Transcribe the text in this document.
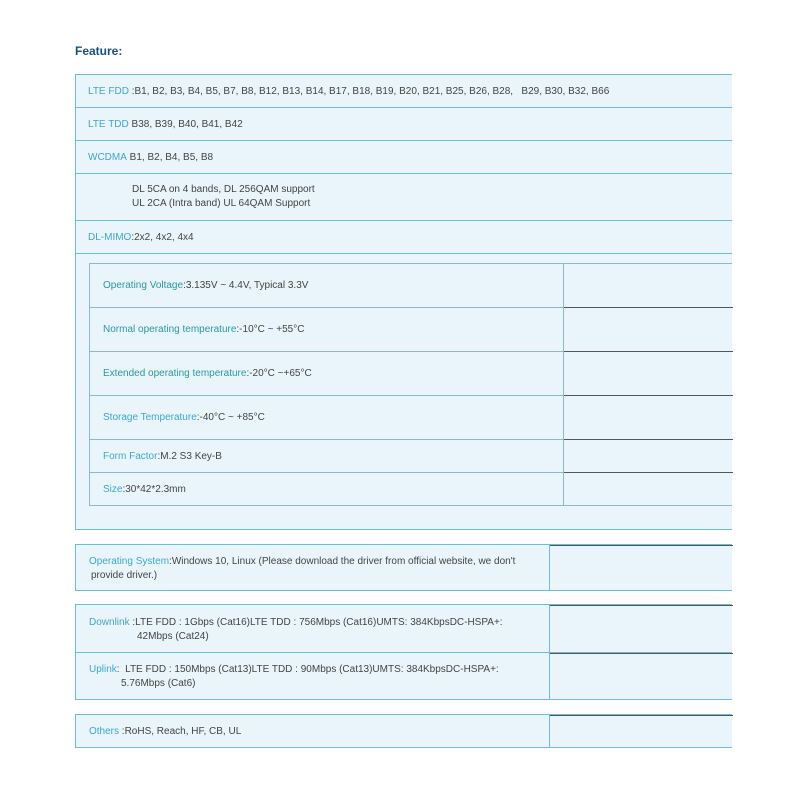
Feature:
LTE FDD :B1, B2, B3, B4, B5, B7, B8, B12, B13, B14, B17, B18, B19, B20, B21, B25, B26, B28,   B29, B30, B32, B66
LTE TDD B38, B39, B40, B41, B42
WCDMA B1, B2, B4, B5, B8
DL 5CA on 4 bands, DL 256QAM support
UL 2CA (Intra band) UL 64QAM Support
DL-MIMO :2x2, 4x2, 4x4
Operating Voltage :3.135V ~ 4.4V, Typical 3.3V
Normal operating temperature :-10°C ~ +55°C
Extended operating temperature :-20°C ~+65°C
Storage Temperature :-40°C ~ +85°C
Form Factor :M.2 S3 Key-B
Size :30*42*2.3mm
Operating System:Windows 10, Linux (Please download the driver from official website, we don't
provide driver.)
Downlink :LTE FDD : 1Gbps (Cat16)LTE TDD : 756Mbps (Cat16)UMTS: 384KbpsDC-HSPA+:
42Mbps (Cat24)
Uplink:  LTE FDD : 150Mbps (Cat13)LTE TDD : 90Mbps (Cat13)UMTS: 384KbpsDC-HSPA+:
5.76Mbps (Cat6)
Others :RoHS, Reach, HF, CB, UL
